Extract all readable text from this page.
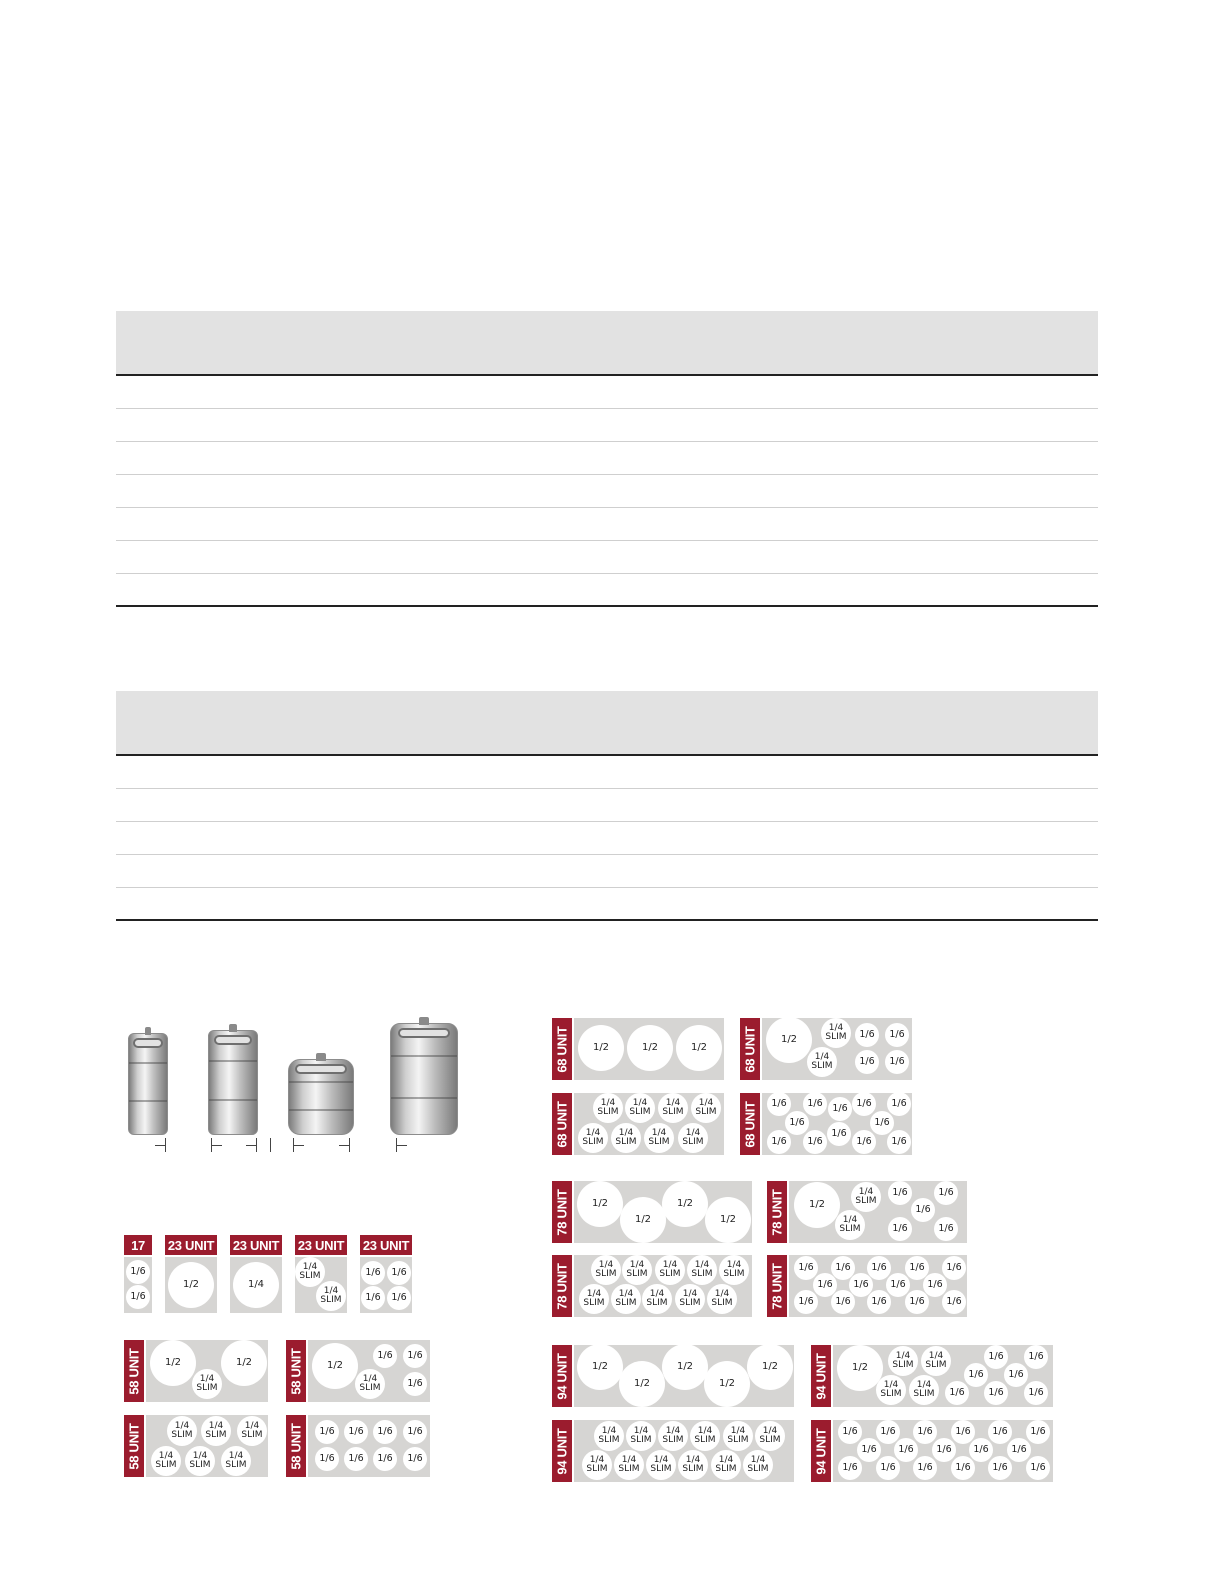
17
1/6
1/6
23 UNIT
1/2
23 UNIT
1/4
23 UNIT
1/4
SLIM
1/4
SLIM
23 UNIT
1/6	1/6
1/6	1/6
58 UNIT	1/2
1/4
SLIM
1/2	58 UNIT	1/2
1/4
SLIM
1/6	1/6
1/6
58 UNIT	1/4
SLIM
1/4
SLIM
1/4
SLIM
1/4
SLIM
1/4
SLIM
1/4
SLIM	58 UNIT	1/6	1/6	1/6	1/6
1/6	1/6	1/6	1/6
68 UNIT	1/2	1/2	1/2	68 UNIT	1/2
1/4
SLIM
1/4
SLIM
1/6	1/6
1/6	1/6
68 UNIT	1/4
SLIM
1/4
SLIM
1/4
SLIM
1/4
SLIM
1/4
SLIM
1/4
SLIM
1/4
SLIM
1/4
SLIM	68 UNIT	1/6	1/6	1/6	1/6
1/6
1/6
1/6
1/6
1/6	1/6	1/6	1/6
78 UNIT	1/2
1/2
1/2
1/2	78 UNIT	1/2
1/4
SLIM
1/4
SLIM
1/6	1/6
1/6
1/6	1/6
78 UNIT	1/4
SLIM
1/4
SLIM
1/4
SLIM
1/4
SLIM
1/4
SLIM
1/4
SLIM
1/4
SLIM
1/4
SLIM
1/4
SLIM
1/4
SLIM	78 UNIT	1/6	1/6	1/6	1/6	1/6
1/6	1/6	1/6	1/6
1/6	1/6	1/6	1/6	1/6
94 UNIT	1/2
1/2
1/2
1/2
1/2	94 UNIT	1/2
1/4
SLIM
1/4
SLIM
1/4
SLIM
1/4
SLIM	1/6
1/6
1/6
1/6
1/6
1/6
1/6
94 UNIT	1/4
SLIM
1/4
SLIM
1/4
SLIM
1/4
SLIM
1/4
SLIM
1/4
SLIM
1/4
SLIM
1/4
SLIM
1/4
SLIM
1/4
SLIM
1/4
SLIM
1/4
SLIM	94 UNIT	1/6	1/6	1/6	1/6	1/6	1/6
1/6	1/6	1/6	1/6	1/6
1/6	1/6	1/6	1/6	1/6	1/6
